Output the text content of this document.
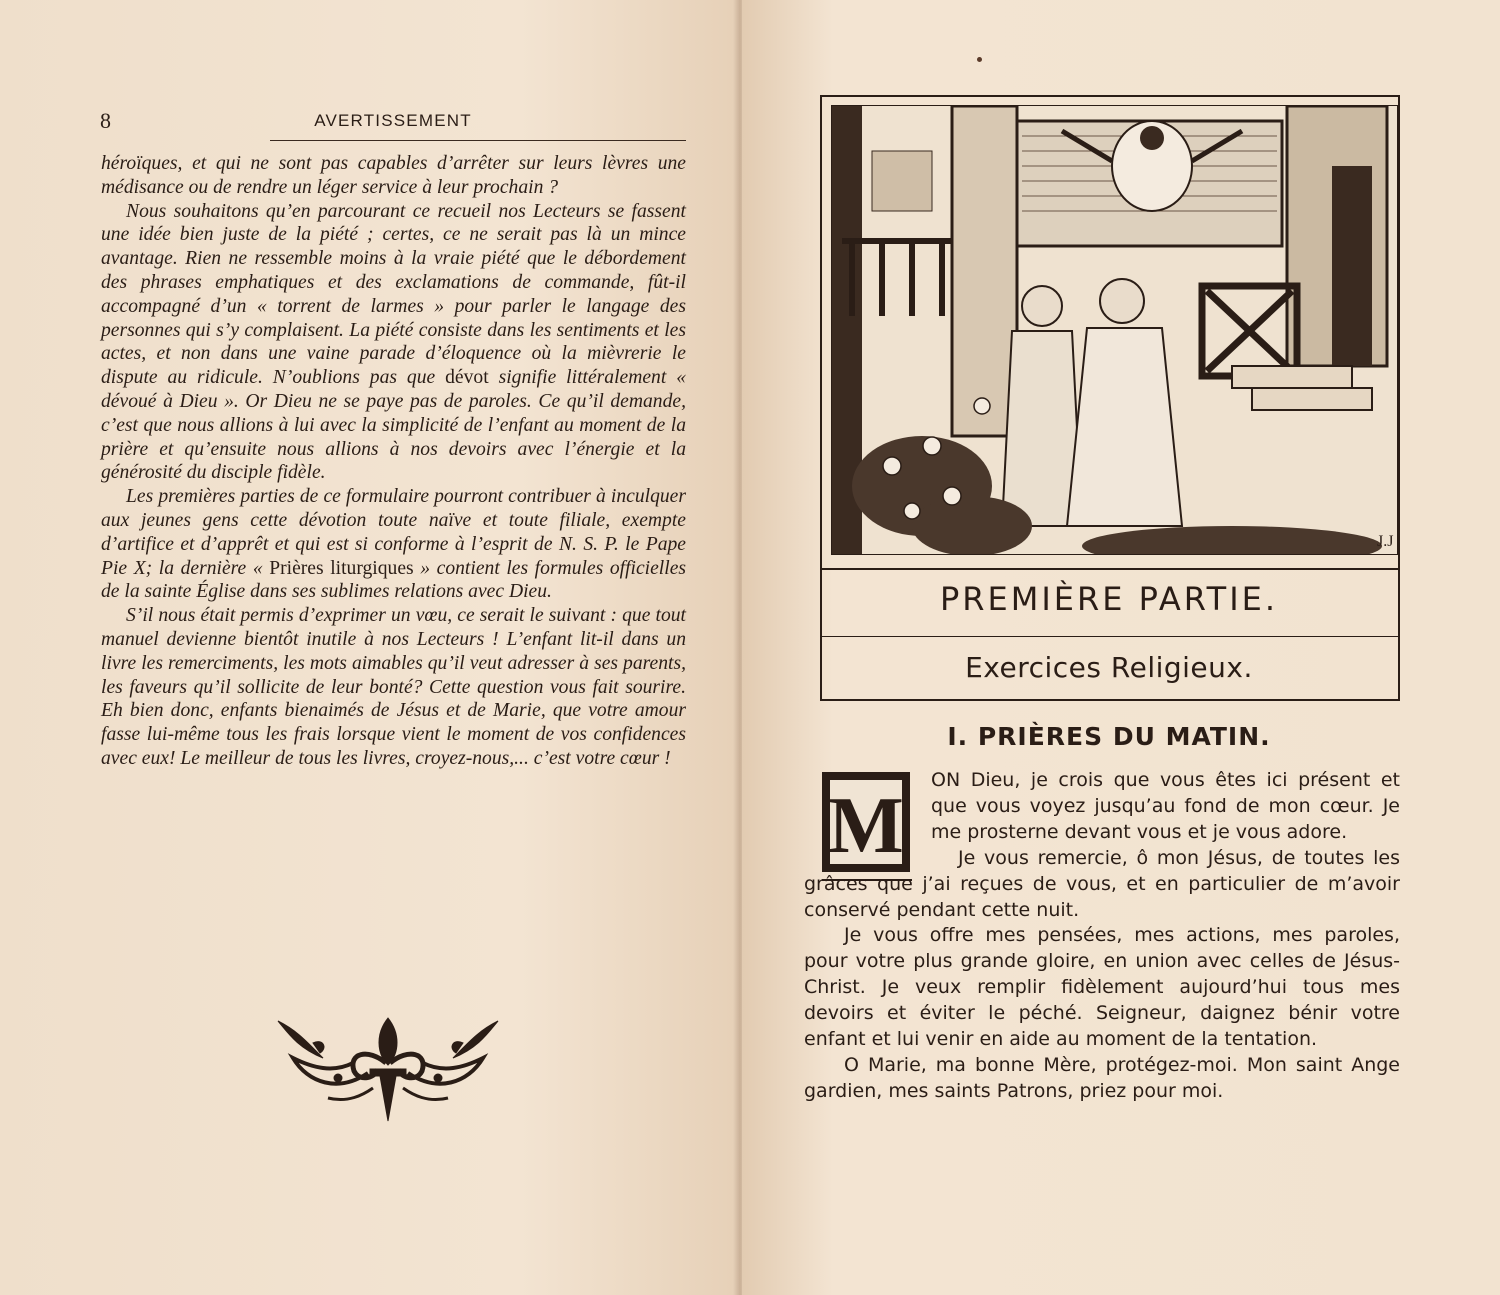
8	AVERTISSEMENT

héroïques, et qui ne sont pas capables d’arrêter sur leurs lèvres une médisance ou de rendre un léger service à leur prochain ?

Nous souhaitons qu’en parcourant ce recueil nos Lecteurs se fassent une idée bien juste de la piété ; certes, ce ne serait pas là un mince avantage. Rien ne ressemble moins à la vraie piété que le débordement des phrases emphatiques et des exclamations de commande, fût-il accompagné d’un « torrent de larmes » pour parler le langage des personnes qui s’y complaisent. La piété consiste dans les sentiments et les actes, et non dans une vaine parade d’éloquence où la mièvrerie le dispute au ridicule. N’oublions pas que dévot signifie littéralement « dévoué à Dieu ». Or Dieu ne se paye pas de paroles. Ce qu’il demande, c’est que nous allions à lui avec la simplicité de l’enfant au moment de la prière et qu’ensuite nous allions à nos devoirs avec l’énergie et la générosité du disciple fidèle.

Les premières parties de ce formulaire pourront contribuer à inculquer aux jeunes gens cette dévotion toute naïve et toute filiale, exempte d’artifice et d’apprêt et qui est si conforme à l’esprit de N. S. P. le Pape Pie X; la dernière « Prières liturgiques » contient les formules officielles de la sainte Église dans ses sublimes relations avec Dieu.

S’il nous était permis d’exprimer un vœu, ce serait le suivant : que tout manuel devienne bientôt inutile à nos Lecteurs ! L’enfant lit-il dans un livre les remerciments, les mots aimables qu’il veut adresser à ses parents, les faveurs qu’il sollicite de leur bonté? Cette question vous fait sourire. Eh bien donc, enfants bienaimés de Jésus et de Marie, que votre amour fasse lui-même tous les frais lorsque vient le moment de vos confidences avec eux! Le meilleur de tous les livres, croyez-nous,... c’est votre cœur !

J.J
PREMIÈRE PARTIE.
Exercices Religieux.
I. PRIÈRES DU MATIN.
M

ON Dieu, je crois que vous êtes ici présent et que vous voyez jusqu’au fond de mon cœur. Je me prosterne devant vous et je vous adore.

Je vous remercie, ô mon Jésus, de toutes les grâces que j’ai reçues de vous, et en particulier de m’avoir conservé pendant cette nuit.

Je vous offre mes pensées, mes actions, mes paroles, pour votre plus grande gloire, en union avec celles de Jésus-Christ. Je veux remplir fidèlement aujourd’hui tous mes devoirs et éviter le péché. Seigneur, daignez bénir votre enfant et lui venir en aide au moment de la tentation.

O Marie, ma bonne Mère, protégez-moi. Mon saint Ange gardien, mes saints Patrons, priez pour moi.
